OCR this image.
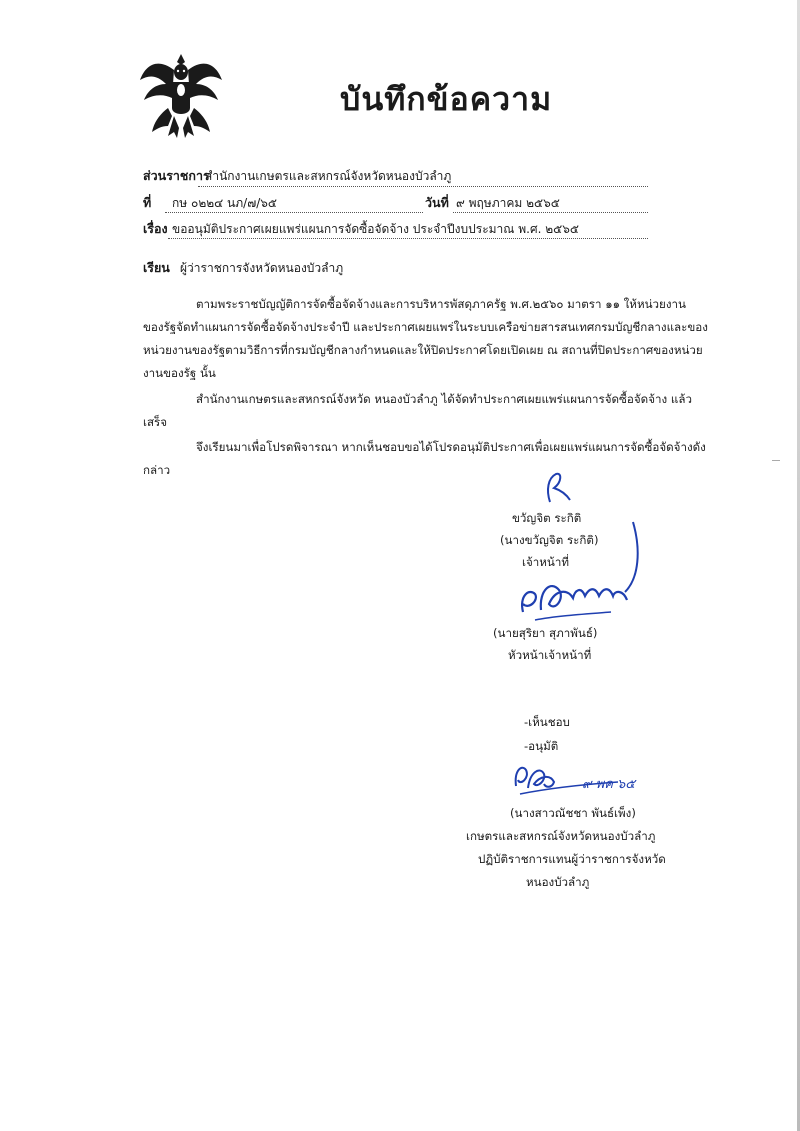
บันทึกข้อความ
ส่วนราชการ
สำนักงานเกษตรและสหกรณ์จังหวัดหนองบัวลำภู
ที่ กษ ๐๒๒๔ นภ/๗/๖๕	วันที่ ๙ พฤษภาคม ๒๕๖๕
เรื่อง ขออนุมัติประกาศเผยแพร่แผนการจัดซื้อจัดจ้าง ประจำปีงบประมาณ พ.ศ. ๒๕๖๕
เรียน ผู้ว่าราชการจังหวัดหนองบัวลำภู
ตามพระราชบัญญัติการจัดซื้อจัดจ้างและการบริหารพัสดุภาครัฐ พ.ศ.๒๕๖๐ มาตรา ๑๑ ให้หน่วยงาน
ของรัฐจัดทำแผนการจัดซื้อจัดจ้างประจำปี และประกาศเผยแพร่ในระบบเครือข่ายสารสนเทศกรมบัญชีกลางและของ
หน่วยงานของรัฐตามวิธีการที่กรมบัญชีกลางกำหนดและให้ปิดประกาศโดยเปิดเผย ณ สถานที่ปิดประกาศของหน่วย
งานของรัฐ นั้น
สำนักงานเกษตรและสหกรณ์จังหวัด หนองบัวลำภู ได้จัดทำประกาศเผยแพร่แผนการจัดซื้อจัดจ้าง แล้ว
เสร็จ
จึงเรียนมาเพื่อโปรดพิจารณา หากเห็นชอบขอได้โปรดอนุมัติประกาศเพื่อเผยแพร่แผนการจัดซื้อจัดจ้างดัง
กล่าว
ขวัญจิต ระกิติ
(นางขวัญจิต ระกิติ)
เจ้าหน้าที่
(นายสุริยา สุภาพันธ์)
หัวหน้าเจ้าหน้าที่
-เห็นชอบ
-อนุมัติ
๙ พค ๖๕
(นางสาวณัชชา พันธ์เพ็ง)
เกษตรและสหกรณ์จังหวัดหนองบัวลำภู
ปฏิบัติราชการแทนผู้ว่าราชการจังหวัด
หนองบัวลำภู
